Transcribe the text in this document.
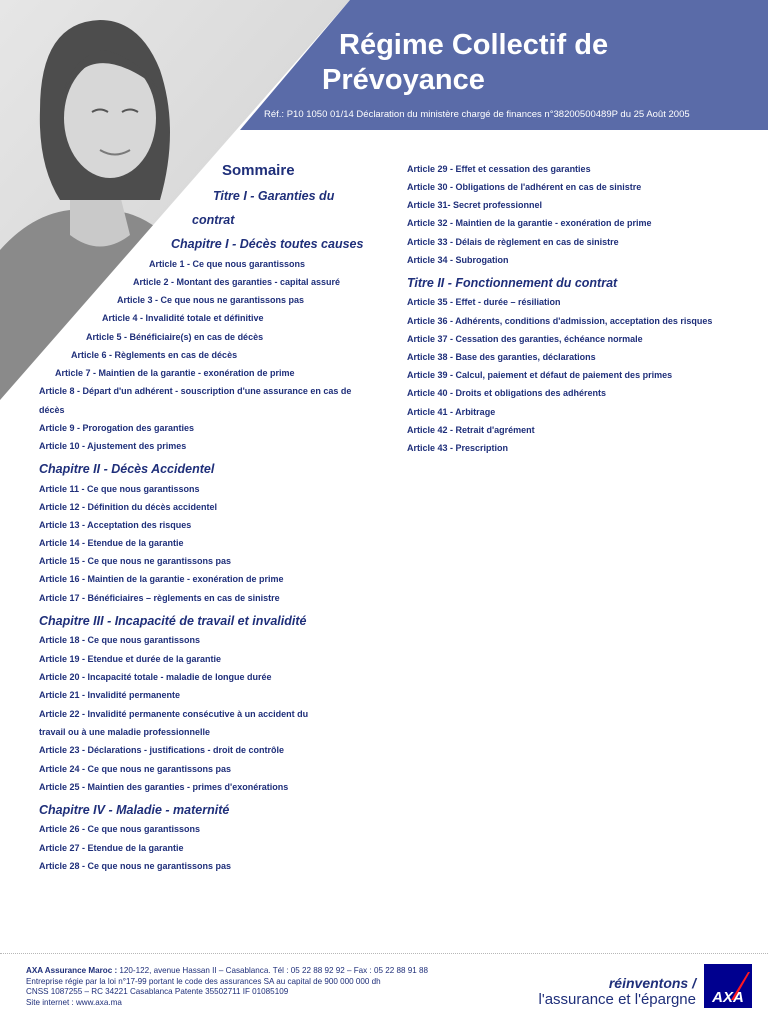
Régime Collectif de
Prévoyance
Réf.: P10 1050 01/14 Déclaration du ministère chargé de finances n°38200500489P du 25 Août 2005
Sommaire
Titre I - Garanties du
contrat
Chapitre I - Décès toutes causes
Article 1 - Ce que nous garantissons
Article 2 - Montant des garanties - capital assuré
Article 3 - Ce que nous ne garantissons pas
Article 4 - Invalidité totale et définitive
Article 5 - Bénéficiaire(s) en cas de décès
Article 6 - Règlements en cas de décès
Article 7 - Maintien de la garantie - exonération de prime
Article 8 - Départ d'un adhérent - souscription d'une assurance en cas de
décès
Article 9 - Prorogation des garanties
Article 10 - Ajustement des primes
Chapitre II - Décès Accidentel
Article 11 - Ce que nous garantissons
Article 12 - Définition du décès accidentel
Article 13 - Acceptation des risques
Article 14 - Etendue de la garantie
Article 15 - Ce que nous ne garantissons pas
Article 16 - Maintien de la garantie - exonération de prime
Article 17 - Bénéficiaires – règlements en cas de sinistre
Chapitre III - Incapacité de travail et invalidité
Article 18 - Ce que nous garantissons
Article 19 - Etendue et durée de la garantie
Article 20 - Incapacité totale - maladie de longue durée
Article 21 - Invalidité permanente
Article 22 - Invalidité permanente consécutive à un accident du
travail ou à une maladie professionnelle
Article 23 - Déclarations - justifications - droit de contrôle
Article 24 - Ce que nous ne garantissons pas
Article 25 - Maintien des garanties - primes d'exonérations
Chapitre IV - Maladie - maternité
Article 26 - Ce que nous garantissons
Article 27 - Etendue de la garantie
Article 28 - Ce que nous ne garantissons pas
Article 29 - Effet et cessation des garanties
Article 30 - Obligations de l'adhérent en cas de sinistre
Article 31- Secret professionnel
Article 32 - Maintien de la garantie - exonération de prime
Article 33 - Délais de règlement en cas de sinistre
Article 34 - Subrogation
Titre II - Fonctionnement du contrat
Article 35 - Effet - durée – résiliation
Article 36 - Adhérents, conditions d'admission, acceptation des risques
Article 37 - Cessation des garanties, échéance normale
Article 38 - Base des garanties, déclarations
Article 39 - Calcul, paiement et défaut de paiement des primes
Article 40 - Droits et obligations des adhérents
Article 41 - Arbitrage
Article 42 - Retrait d'agrément
Article 43 - Prescription
AXA Assurance Maroc : 120-122, avenue Hassan II – Casablanca. Tél : 05 22 88 92 92 – Fax : 05 22 88 91 88
Entreprise régie par la loi n°17-99 portant le code des assurances SA au capital de 900 000 000 dh
CNSS 1087255 – RC 34221 Casablanca Patente 35502711 IF 01085109
Site internet : www.axa.ma
réinventons /
l'assurance et l'épargne AXA
